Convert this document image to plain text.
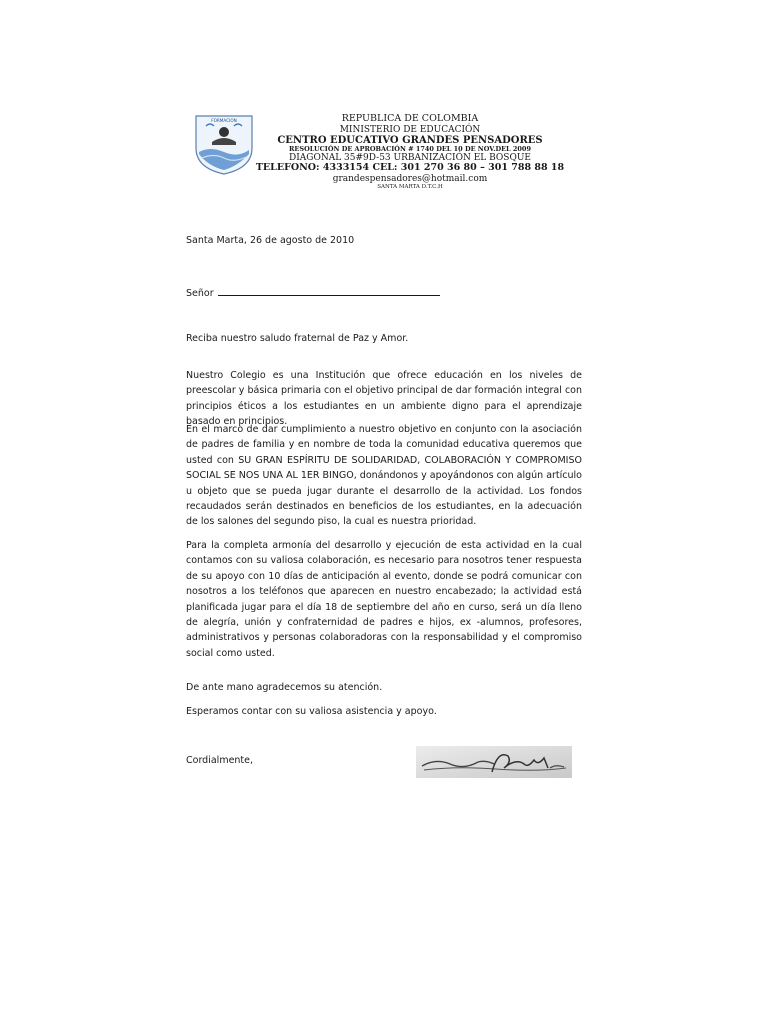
FORMACION	REPUBLICA DE COLOMBIA
MINISTERIO DE EDUCACIÓN
CENTRO EDUCATIVO GRANDES PENSADORES
RESOLUCIÓN DE APROBACIÓN # 1740 DEL 10 DE NOV.DEL 2009
DIAGONAL 35#9D-53 URBANIZACIÓN EL BOSQUE
TELEFONO: 4333154 CEL: 301 270 36 80 – 301 788 88 18
grandespensadores@hotmail.com
SANTA MARTA D.T.C.H
Santa Marta, 26 de agosto de 2010
Señor
Reciba nuestro saludo fraternal de Paz y Amor.
Nuestro Colegio es una Institución que ofrece educación en los niveles de preescolar y básica primaria con el objetivo principal de dar formación integral con principios éticos a los estudiantes en un ambiente digno para el aprendizaje basado en principios.
En el marco de dar cumplimiento a nuestro objetivo en conjunto con la asociación de padres de familia y en nombre de toda la comunidad educativa queremos que usted con SU GRAN ESPÍRITU DE SOLIDARIDAD, COLABORACIÓN Y COMPROMISO SOCIAL SE NOS UNA AL 1ER BINGO, donándonos y apoyándonos con algún artículo u objeto que se pueda jugar durante el desarrollo de la actividad. Los fondos recaudados serán destinados en beneficios de los estudiantes, en la adecuación de los salones del segundo piso, la cual es nuestra prioridad.
Para la completa armonía del desarrollo y ejecución de esta actividad en la cual contamos con su valiosa colaboración, es necesario para nosotros tener respuesta de su apoyo con 10 días de anticipación al evento, donde se podrá comunicar con nosotros a los teléfonos que aparecen en nuestro encabezado; la actividad está planificada jugar para el día 18 de septiembre del año en curso, será un día lleno de alegría, unión y confraternidad de padres e hijos, ex -alumnos, profesores, administrativos y personas colaboradoras con la responsabilidad y el compromiso social como usted.
De ante mano agradecemos su atención.
Esperamos contar con su valiosa asistencia y apoyo.
Cordialmente,
